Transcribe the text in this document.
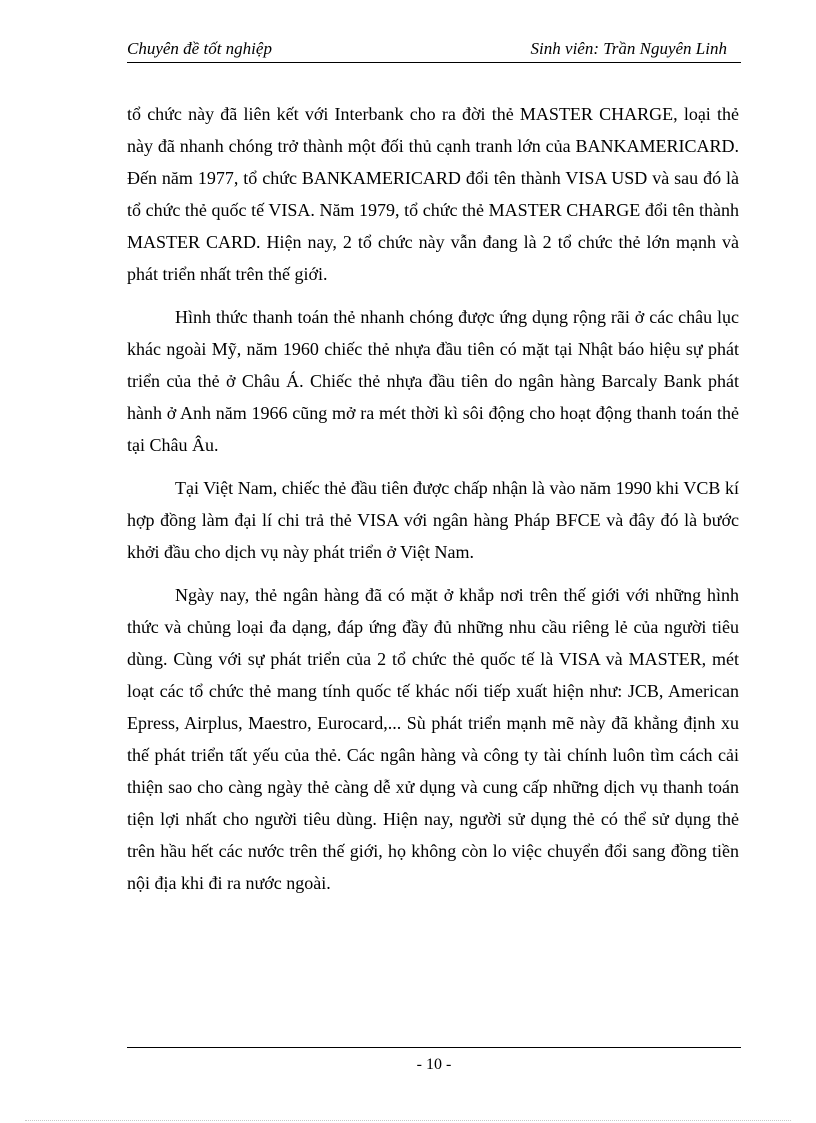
Chuyên đề tốt nghiệp	Sinh viên: Trần Nguyên Linh

tổ chức này đã liên kết với Interbank cho ra đời thẻ MASTER CHARGE, loại thẻ này đã nhanh chóng trở thành một đối thủ cạnh tranh lớn của BANKAMERICARD. Đến năm 1977, tổ chức BANKAMERICARD đổi tên thành VISA USD và sau đó là tổ chức thẻ quốc tế VISA. Năm 1979, tổ chức thẻ MASTER CHARGE đổi tên thành MASTER CARD. Hiện nay, 2 tổ chức này vẫn đang là 2 tổ chức thẻ lớn mạnh và phát triển nhất trên thế giới.

Hình thức thanh toán thẻ nhanh chóng được ứng dụng rộng rãi ở các châu lục khác ngoài Mỹ, năm 1960 chiếc thẻ nhựa đầu tiên có mặt tại Nhật báo hiệu sự phát triển của thẻ ở Châu Á. Chiếc thẻ nhựa đầu tiên do ngân hàng Barcaly Bank phát hành ở Anh năm 1966 cũng mở ra mét thời kì sôi động cho hoạt động thanh toán thẻ tại Châu Âu.

Tại Việt Nam, chiếc thẻ đầu tiên được chấp nhận là vào năm 1990 khi VCB kí hợp đồng làm đại lí chi trả thẻ VISA với ngân hàng Pháp BFCE và đây đó là bước khởi đầu cho dịch vụ này phát triển ở Việt Nam.

Ngày nay, thẻ ngân hàng đã có mặt ở khắp nơi trên thế giới với những hình thức và chủng loại đa dạng, đáp ứng đầy đủ những nhu cầu riêng lẻ của người tiêu dùng. Cùng với sự phát triển của 2 tổ chức thẻ quốc tế là VISA và MASTER, mét loạt các tổ chức thẻ mang tính quốc tế khác nối tiếp xuất hiện như: JCB, American Epress, Airplus, Maestro, Eurocard,... Sù phát triển mạnh mẽ này đã khẳng định xu thế phát triển tất yếu của thẻ. Các ngân hàng và công ty tài chính luôn tìm cách cải thiện sao cho càng ngày thẻ càng dễ xử dụng và cung cấp những dịch vụ thanh toán tiện lợi nhất cho người tiêu dùng. Hiện nay, người sử dụng thẻ có thể sử dụng thẻ trên hầu hết các nước trên thế giới, họ không còn lo việc chuyển đổi sang đồng tiền nội địa khi đi ra nước ngoài.

- 10 -
